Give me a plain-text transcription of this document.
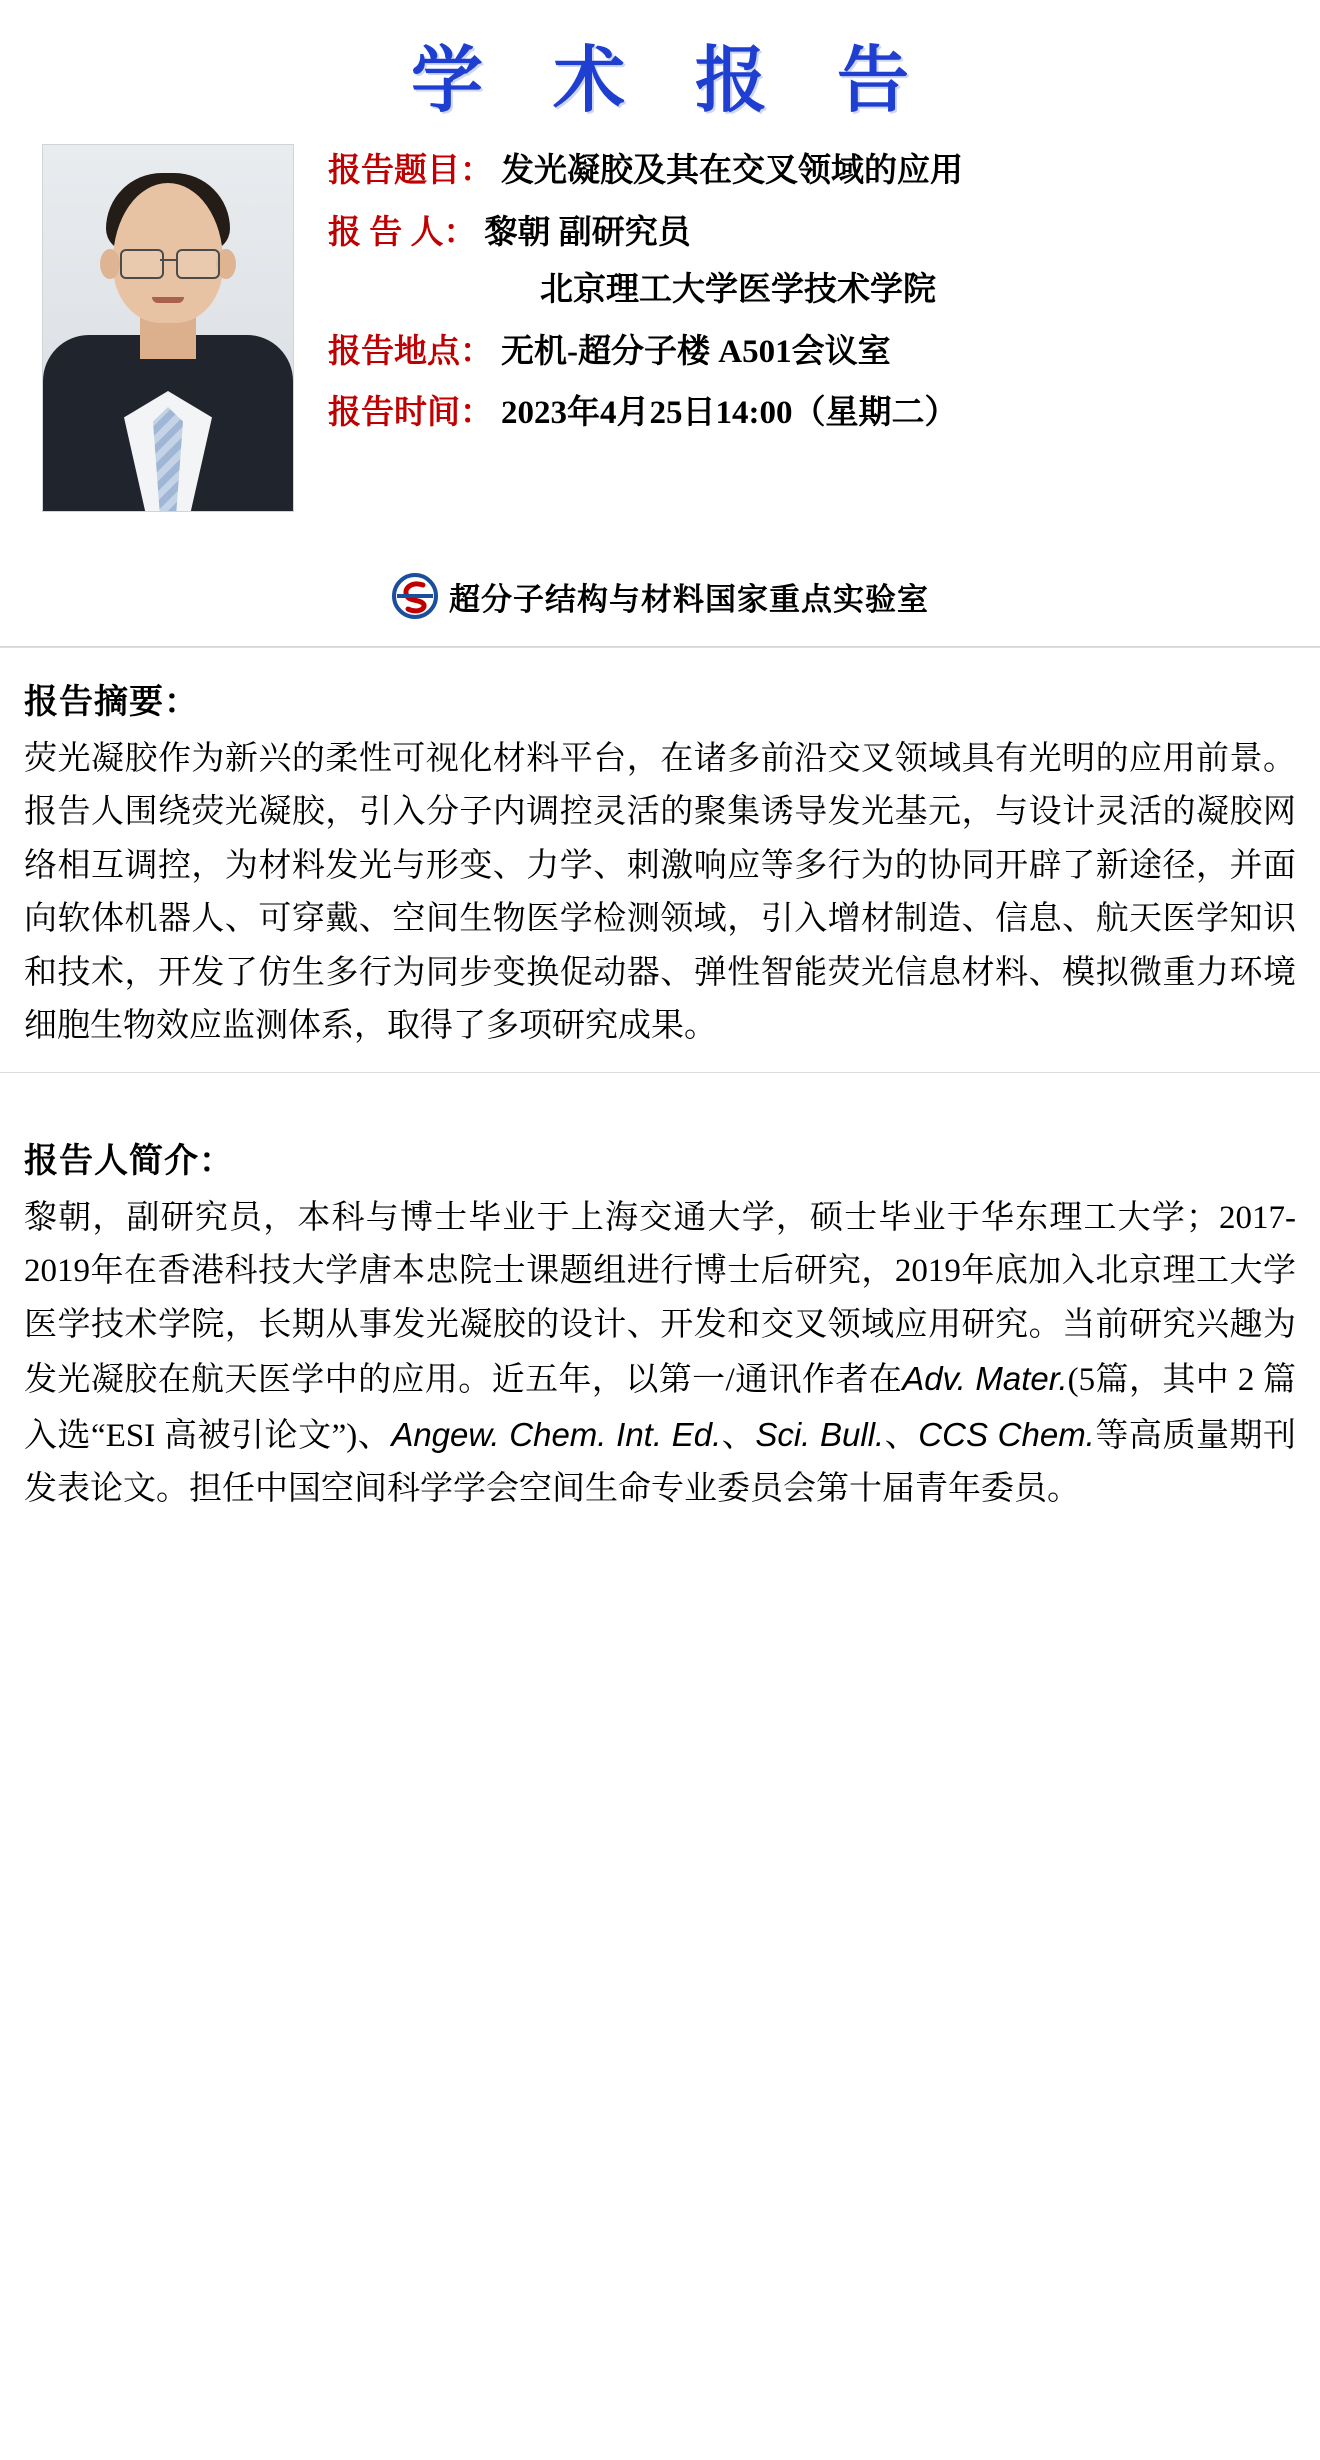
学 术 报 告
报告题目： 发光凝胶及其在交叉领域的应用
报 告 人： 黎朝 副研究员
北京理工大学医学技术学院
报告地点： 无机-超分子楼 A501会议室
报告时间： 2023年4月25日14:00（星期二）
超分子结构与材料国家重点实验室
报告摘要：

荧光凝胶作为新兴的柔性可视化材料平台，在诸多前沿交叉领域具有光明的应用前景。报告人围绕荧光凝胶，引入分子内调控灵活的聚集诱导发光基元，与设计灵活的凝胶网络相互调控，为材料发光与形变、力学、刺激响应等多行为的协同开辟了新途径，并面向软体机器人、可穿戴、空间生物医学检测领域，引入增材制造、信息、航天医学知识和技术，开发了仿生多行为同步变换促动器、弹性智能荧光信息材料、模拟微重力环境细胞生物效应监测体系，取得了多项研究成果。

报告人简介：

黎朝，副研究员，本科与博士毕业于上海交通大学，硕士毕业于华东理工大学；2017-2019年在香港科技大学唐本忠院士课题组进行博士后研究，2019年底加入北京理工大学医学技术学院，长期从事发光凝胶的设计、开发和交叉领域应用研究。当前研究兴趣为发光凝胶在航天医学中的应用。近五年，以第一/通讯作者在Adv. Mater.(5篇，其中 2 篇入选“ESI 高被引论文”)、Angew. Chem. Int. Ed.、Sci. Bull.、CCS Chem.等高质量期刊发表论文。担任中国空间科学学会空间生命专业委员会第十届青年委员。
